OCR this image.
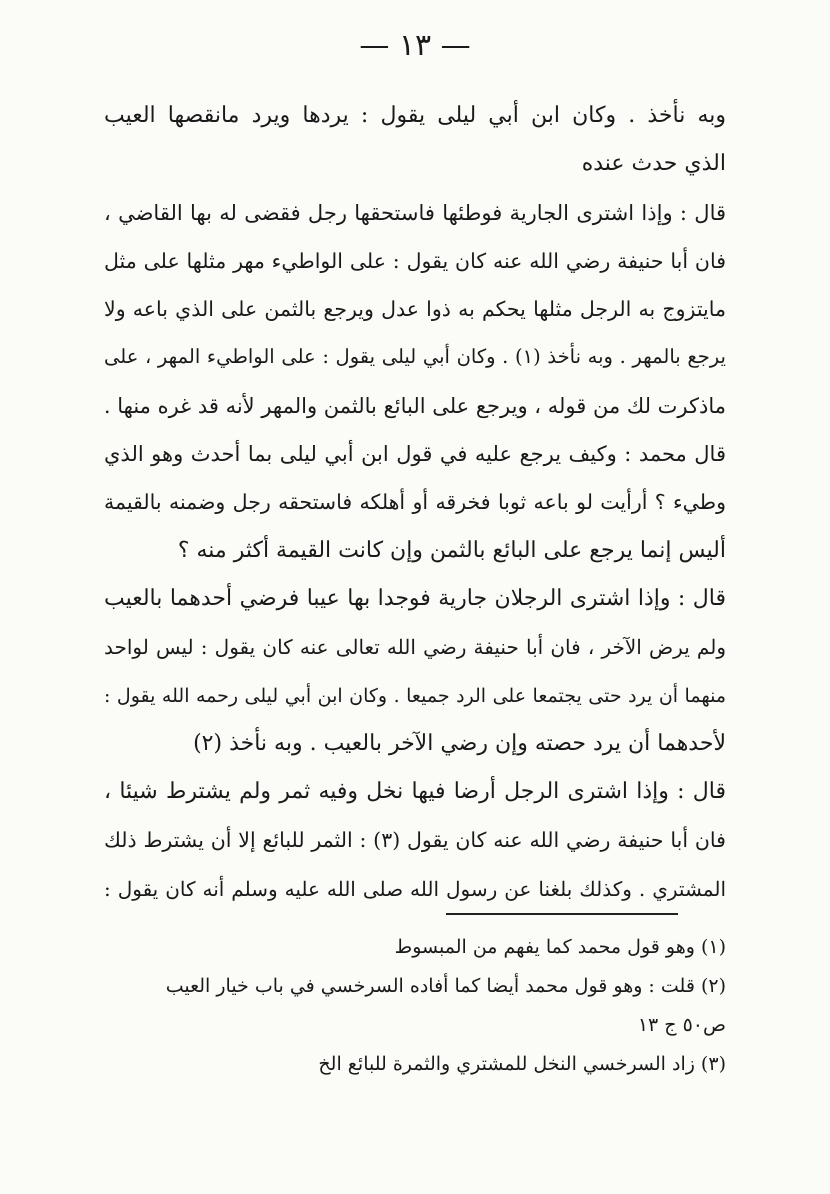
— ١٣ —
وبه نأخذ . وكان ابن أبي ليلى يقول : يردها ويرد مانقصها العيب
الذي حدث عنده
قال : وإذا اشترى الجارية فوطئها فاستحقها رجل فقضى له بها القاضي ،
فان أبا حنيفة رضي الله عنه كان يقول : على الواطيء مهر مثلها على مثل
مايتزوج به الرجل مثلها يحكم به ذوا عدل ويرجع بالثمن على الذي باعه ولا
يرجع بالمهر . وبه نأخذ (١) . وكان أبي ليلى يقول : على الواطيء المهر ، على
ماذكرت لك من قوله ، ويرجع على البائع بالثمن والمهر لأنه قد غره منها .
قال محمد : وكيف يرجع عليه في قول ابن أبي ليلى بما أحدث وهو الذي
وطيء ؟ أرأيت لو باعه ثوبا فخرقه أو أهلكه فاستحقه رجل وضمنه بالقيمة
أليس إنما يرجع على البائع بالثمن وإن كانت القيمة أكثر منه ؟
قال : وإذا اشترى الرجلان جارية فوجدا بها عيبا فرضي أحدهما بالعيب
ولم يرض الآخر ، فان أبا حنيفة رضي الله تعالى عنه كان يقول : ليس لواحد
منهما أن يرد حتى يجتمعا على الرد جميعا . وكان ابن أبي ليلى رحمه الله يقول :
لأحدهما أن يرد حصته وإن رضي الآخر بالعيب . وبه نأخذ (٢)
قال : وإذا اشترى الرجل أرضا فيها نخل وفيه ثمر ولم يشترط شيئا ،
فان أبا حنيفة رضي الله عنه كان يقول (٣) : الثمر للبائع إلا أن يشترط ذلك
المشتري . وكذلك بلغنا عن رسول الله صلى الله عليه وسلم أنه كان يقول :
(١) وهو قول محمد كما يفهم من المبسوط
(٢) قلت : وهو قول محمد أيضا كما أفاده السرخسي في باب خيار العيب
ص٥٠ ج ١٣
(٣) زاد السرخسي النخل للمشتري والثمرة للبائع الخ
